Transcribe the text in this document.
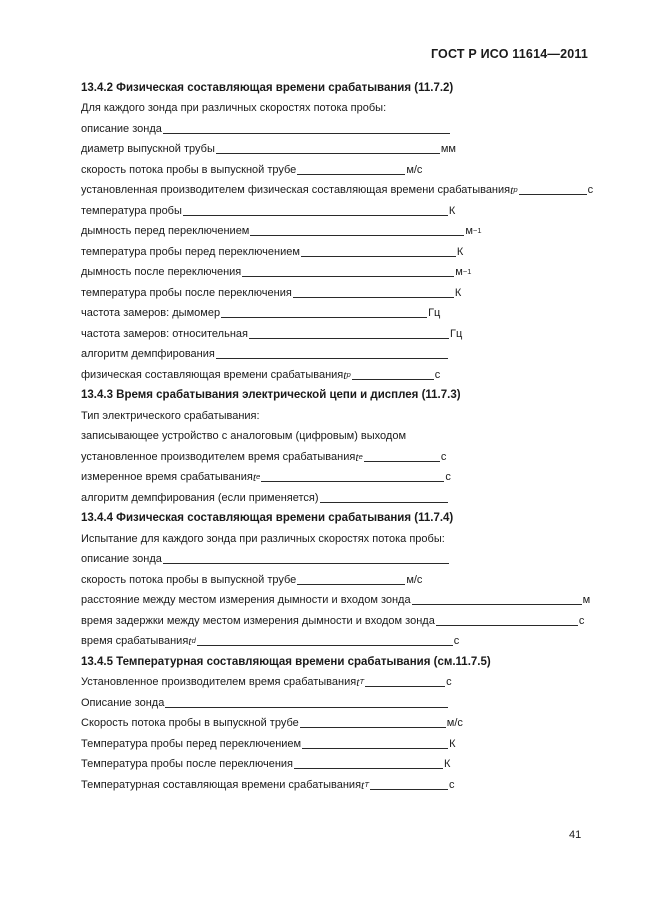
ГОСТ Р ИСО 11614—2011
13.4.2 Физическая составляющая времени срабатывания (11.7.2)
Для каждого зонда при различных скоростях потока пробы:
описание зонда
диаметр выпускной трубы	мм
скорость потока пробы в выпускной трубе	м/с
установленная производителем физическая составляющая времени срабатывания t p	с
температура пробы	К
дымность перед переключением	м −1
температура пробы перед переключением	К
дымность после переключения	м −1
температура пробы после переключения	К
частота замеров: дымомер	Гц
частота замеров: относительная	Гц
алгоритм демпфирования
физическая составляющая времени срабатывания t p	с
13.4.3 Время срабатывания электрической цепи и дисплея (11.7.3)
Тип электрического срабатывания:
записывающее устройство с аналоговым (цифровым) выходом
установленное производителем время срабатывания t e	с
измеренное время срабатывания t e	с
алгоритм демпфирования (если применяется)
13.4.4 Физическая составляющая времени срабатывания (11.7.4)
Испытание для каждого зонда при различных скоростях потока пробы:
описание зонда
скорость потока пробы в выпускной трубе	м/с
расстояние между местом измерения дымности и входом зонда	м
время задержки между местом измерения дымности и входом зонда	с
время срабатывания t d	с
13.4.5 Температурная составляющая времени срабатывания (см.11.7.5)
Установленное производителем время срабатывания t T	с
Описание зонда
Скорость потока пробы в выпускной трубе	м/с
Температура пробы перед переключением	К
Температура пробы после переключения	К
Температурная составляющая времени срабатывания t T	с
41
